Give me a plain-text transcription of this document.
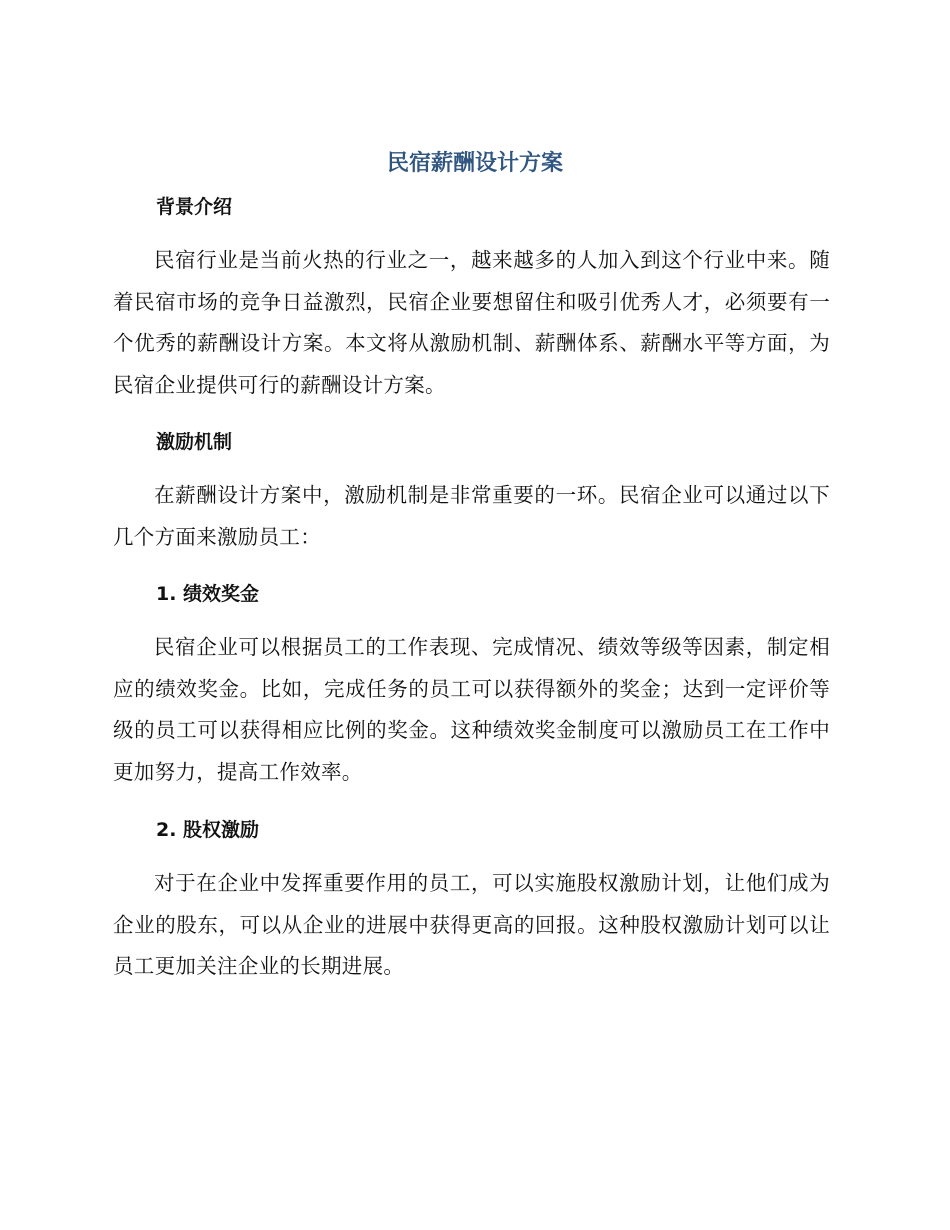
民宿薪酬设计方案
背景介绍

民宿行业是当前火热的行业之一，越来越多的人加入到这个行业中来。随着民宿市场的竞争日益激烈，民宿企业要想留住和吸引优秀人才，必须要有一个优秀的薪酬设计方案。本文将从激励机制、薪酬体系、薪酬水平等方面，为民宿企业提供可行的薪酬设计方案。

激励机制

在薪酬设计方案中，激励机制是非常重要的一环。民宿企业可以通过以下几个方面来激励员工：

1. 绩效奖金

民宿企业可以根据员工的工作表现、完成情况、绩效等级等因素，制定相应的绩效奖金。比如，完成任务的员工可以获得额外的奖金；达到一定评价等级的员工可以获得相应比例的奖金。这种绩效奖金制度可以激励员工在工作中更加努力，提高工作效率。

2. 股权激励

对于在企业中发挥重要作用的员工，可以实施股权激励计划，让他们成为企业的股东，可以从企业的进展中获得更高的回报。这种股权激励计划可以让员工更加关注企业的长期进展。
